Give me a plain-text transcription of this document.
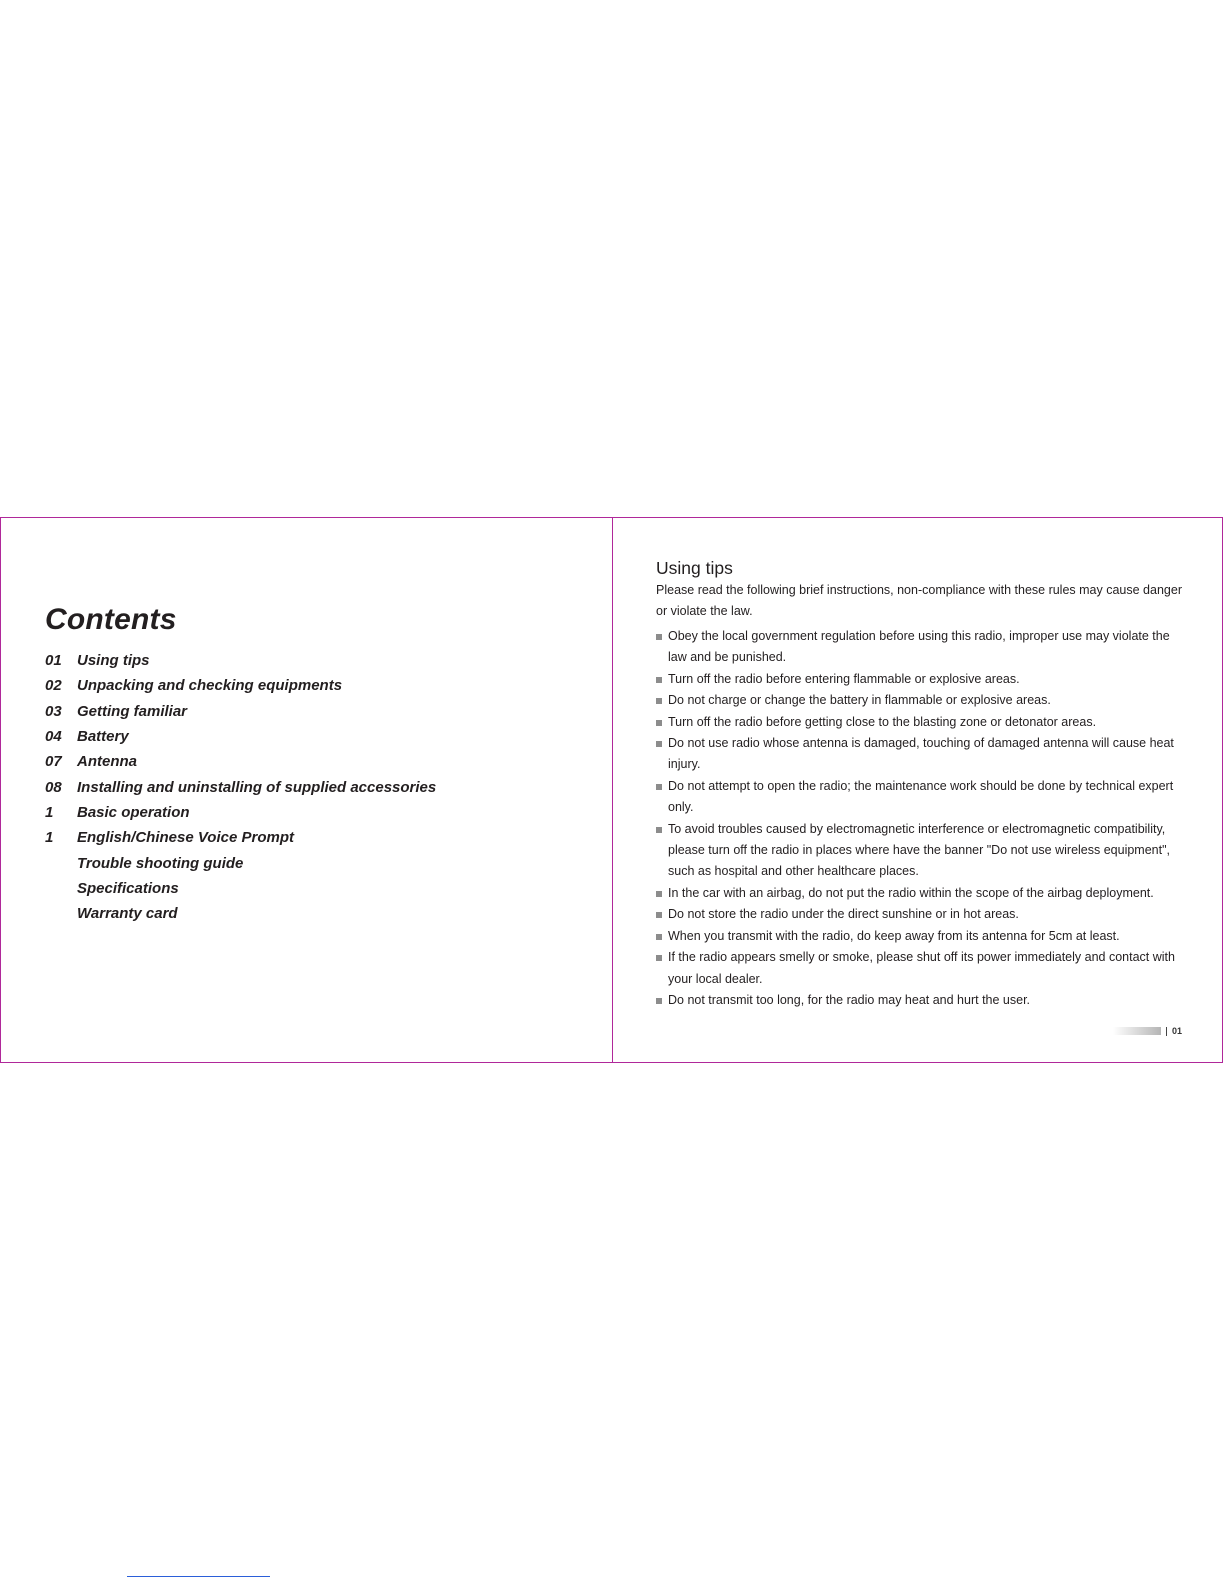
Contents
01	Using tips
02	Unpacking and checking equipments
03	Getting familiar
04	Battery
07	Antenna
08	Installing and uninstalling of supplied accessories
1	Basic operation
1	English/Chinese Voice Prompt
Trouble shooting guide
Specifications
Warranty card
Using tips

Please read the following brief instructions, non-compliance with these rules may cause danger or violate the law.

Obey the local government regulation before using this radio, improper use may violate the law and be punished.
Turn off the radio before entering flammable or explosive areas.
Do not charge or change the battery in flammable or explosive areas.
Turn off the radio before getting close to the blasting zone or detonator areas.
Do not use radio whose antenna is damaged, touching of damaged antenna will cause heat injury.
Do not attempt to open the radio; the maintenance work should be done by technical expert only.
To avoid troubles caused by electromagnetic interference or electromagnetic compatibility, please turn off the radio in places where have the banner "Do not use wireless equipment", such as hospital and other healthcare places.
In the car with an airbag, do not put the radio within the scope of the airbag deployment.
Do not store the radio under the direct sunshine or in hot areas.
When you transmit with the radio, do keep away from its antenna for 5cm at least.
If the radio appears smelly or smoke, please shut off its power immediately and contact with your local dealer.
Do not transmit too long, for the radio may heat and hurt the user.
01
